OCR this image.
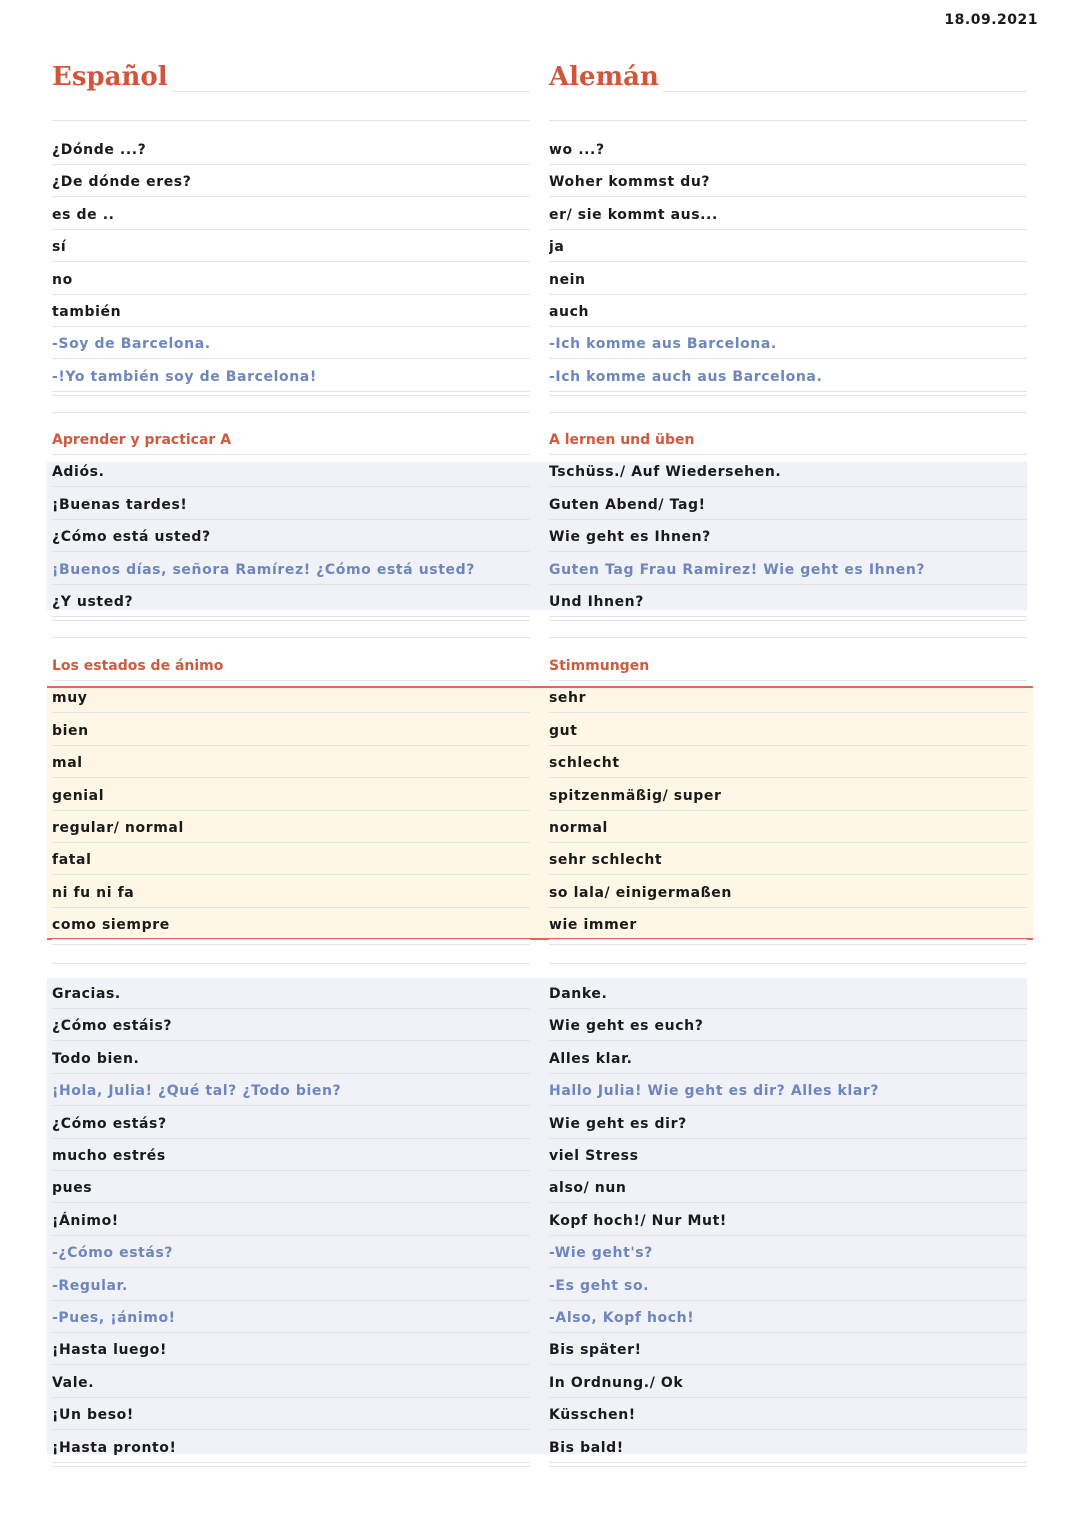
18.09.2021
Español
¿Dónde ...?
¿De dónde eres?
es de ..
sí
no
también
-Soy de Barcelona.
-!Yo también soy de Barcelona!
Aprender y practicar A
Adiós.
¡Buenas tardes!
¿Cómo está usted?
¡Buenos días, señora Ramírez! ¿Cómo está usted?
¿Y usted?
Los estados de ánimo
muy
bien
mal
genial
regular/ normal
fatal
ni fu ni fa
como siempre
Gracias.
¿Cómo estáis?
Todo bien.
¡Hola, Julia! ¿Qué tal? ¿Todo bien?
¿Cómo estás?
mucho estrés
pues
¡Ánimo!
-¿Cómo estás?
-Regular.
-Pues, ¡ánimo!
¡Hasta luego!
Vale.
¡Un beso!
¡Hasta pronto!
Alemán
wo ...?
Woher kommst du?
er/ sie kommt aus...
ja
nein
auch
-Ich komme aus Barcelona.
-Ich komme auch aus Barcelona.
A lernen und üben
Tschüss./ Auf Wiedersehen.
Guten Abend/ Tag!
Wie geht es Ihnen?
Guten Tag Frau Ramirez! Wie geht es Ihnen?
Und Ihnen?
Stimmungen
sehr
gut
schlecht
spitzenmäßig/ super
normal
sehr schlecht
so lala/ einigermaßen
wie immer
Danke.
Wie geht es euch?
Alles klar.
Hallo Julia! Wie geht es dir? Alles klar?
Wie geht es dir?
viel Stress
also/ nun
Kopf hoch!/ Nur Mut!
-Wie geht's?
-Es geht so.
-Also, Kopf hoch!
Bis später!
In Ordnung./ Ok
Küsschen!
Bis bald!
